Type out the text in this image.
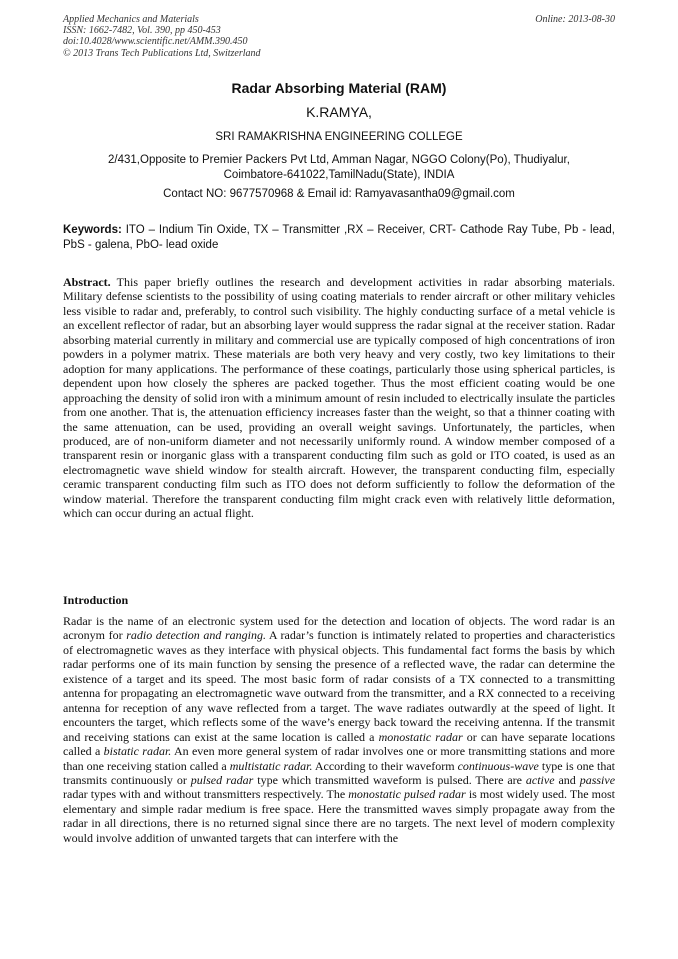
Applied Mechanics and Materials
ISSN: 1662-7482, Vol. 390, pp 450-453
doi:10.4028/www.scientific.net/AMM.390.450
© 2013 Trans Tech Publications Ltd, Switzerland
Online: 2013-08-30
Radar Absorbing Material (RAM)
K.RAMYA,
SRI RAMAKRISHNA ENGINEERING COLLEGE
2/431,Opposite to Premier Packers Pvt Ltd, Amman Nagar, NGGO Colony(Po), Thudiyalur,
Coimbatore-641022,TamilNadu(State), INDIA
Contact NO: 9677570968 & Email id: Ramyavasantha09@gmail.com
Keywords: ITO – Indium Tin Oxide, TX – Transmitter ,RX – Receiver, CRT- Cathode Ray Tube, Pb - lead, PbS - galena, PbO- lead oxide
Abstract. This paper briefly outlines the research and development activities in radar absorbing materials. Military defense scientists to the possibility of using coating materials to render aircraft or other military vehicles less visible to radar and, preferably, to control such visibility. The highly conducting surface of a metal vehicle is an excellent reflector of radar, but an absorbing layer would suppress the radar signal at the receiver station. Radar absorbing material currently in military and commercial use are typically composed of high concentrations of iron powders in a polymer matrix. These materials are both very heavy and very costly, two key limitations to their adoption for many applications. The performance of these coatings, particularly those using spherical particles, is dependent upon how closely the spheres are packed together. Thus the most efficient coating would be one approaching the density of solid iron with a minimum amount of resin included to electrically insulate the particles from one another. That is, the attenuation efficiency increases faster than the weight, so that a thinner coating with the same attenuation, can be used, providing an overall weight savings. Unfortunately, the particles, when produced, are of non-uniform diameter and not necessarily uniformly round. A window member composed of a transparent resin or inorganic glass with a transparent conducting film such as gold or ITO coated, is used as an electromagnetic wave shield window for stealth aircraft. However, the transparent conducting film, especially ceramic transparent conducting film such as ITO does not deform sufficiently to follow the deformation of the window material. Therefore the transparent conducting film might crack even with relatively little deformation, which can occur during an actual flight.
Introduction
Radar is the name of an electronic system used for the detection and location of objects. The word radar is an acronym for radio detection and ranging. A radar’s function is intimately related to properties and characteristics of electromagnetic waves as they interface with physical objects. This fundamental fact forms the basis by which radar performs one of its main function by sensing the presence of a reflected wave, the radar can determine the existence of a target and its speed. The most basic form of radar consists of a TX connected to a transmitting antenna for propagating an electromagnetic wave outward from the transmitter, and a RX connected to a receiving antenna for reception of any wave reflected from a target. The wave radiates outwardly at the speed of light. It encounters the target, which reflects some of the wave’s energy back toward the receiving antenna. If the transmit and receiving stations can exist at the same location is called a monostatic radar or can have separate locations called a bistatic radar. An even more general system of radar involves one or more transmitting stations and more than one receiving station called a multistatic radar. According to their waveform continuous-wave type is one that transmits continuously or pulsed radar type which transmitted waveform is pulsed. There are active and passive radar types with and without transmitters respectively. The monostatic pulsed radar is most widely used. The most elementary and simple radar medium is free space. Here the transmitted waves simply propagate away from the radar in all directions, there is no returned signal since there are no targets. The next level of modern complexity would involve addition of unwanted targets that can interfere with the
